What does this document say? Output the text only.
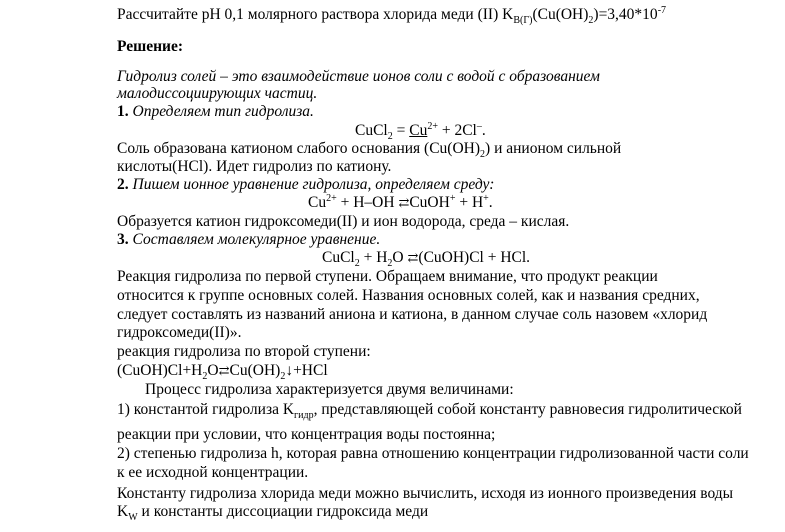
Рассчитайте pH 0,1 молярного раствора хлорида меди (II) $K_{В(Г)}(Cu(OH)_2)=3,40*10^{-7}$
Решение:
Гидролиз солей – это взаимодействие ионов соли с водой с образованием
малодиссоциирующих частиц.
1. Определяем тип гидролиза.
CuCl$_2$ = $Cu^{2+} + 2Cl^-$.
Соль образована катионом слабого основания $(Cu(OH)_2)$ и анионом сильной
кислоты(HCl). Идет гидролиз по катиону.
2. Пишем ионное уравнение гидролиза, определяем среду:
$Cu^{2+} + H-OH$ ⇄CuOH+ + H+.
Образуется катион гидроксомеди(II) и ион водорода, среда – кислая.
3. Составляем молекулярное уравнение.
CuCl$_2$ + $H_2O$ ⇄(CuOH)Cl + HCl.
Реакция гидролиза по первой ступени. Обращаем внимание, что продукт реакции
относится к группе основных солей. Названия основных солей, как и названия средних,
следует составлять из названий аниона и катиона, в данном случае соль назовем «хлорид
гидроксомеди(II)».
реакция гидролиза по второй ступени:
$(CuOH)Cl+H_2O⇄Cu(OH)_2↓+HCl$
Процесс гидролиза характеризуется двумя величинами:
1) константой гидролиза $K_{гидр}$, представляющей собой константу равновесия гидролитической
реакции при условии, что концентрация воды постоянна;
2) степенью гидролиза h, которая равна отношению концентрации гидролизованной части соли
к ее исходной концентрации.
Константу гидролиза хлорида меди можно вычислить, исходя из ионного произведения воды
$K_W$ и константы диссоциации гидроксида меди
